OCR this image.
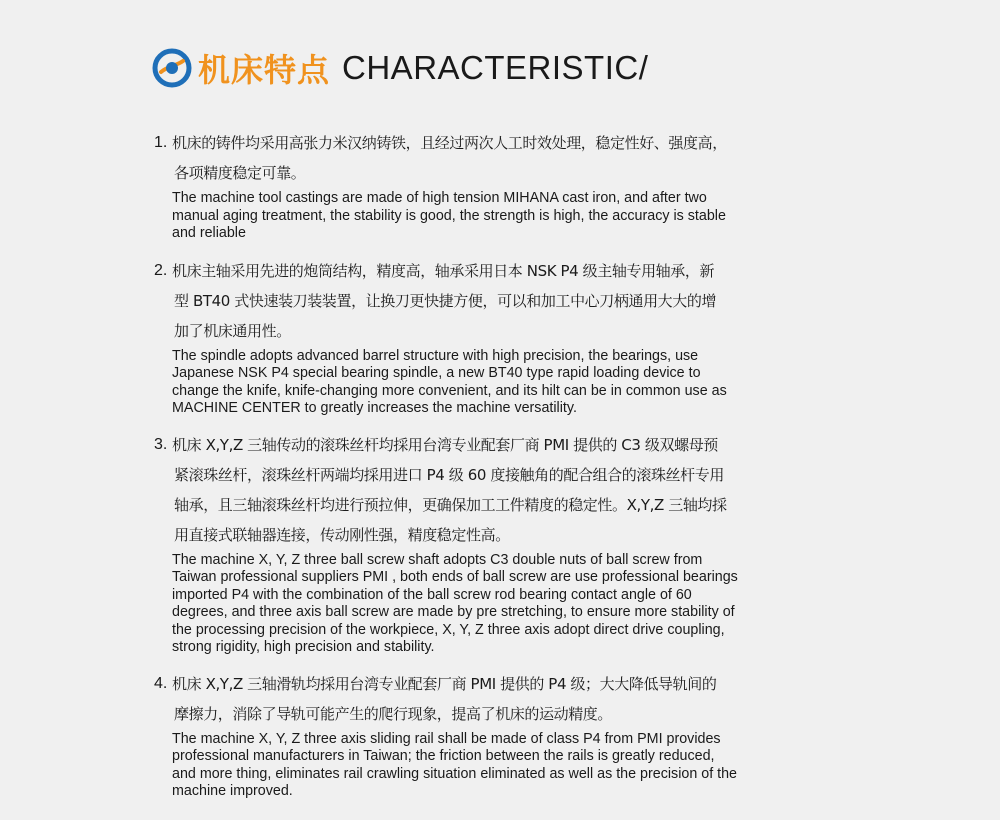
机床特点 CHARACTERISTIC/
1. 机床的铸件均采用高张力米汉纳铸铁，且经过两次人工时效处理，稳定性好、强度高，
各项精度稳定可靠。
The machine tool castings are made of high tension MIHANA cast iron, and after two
manual aging treatment, the stability is good, the strength is high, the accuracy is stable
and reliable
2. 机床主轴采用先进的炮筒结构，精度高，轴承采用日本 NSK P4 级主轴专用轴承，新
型 BT40 式快速装刀装装置，让换刀更快捷方便，可以和加工中心刀柄通用大大的增
加了机床通用性。
The spindle adopts advanced barrel structure with high precision, the bearings, use
Japanese NSK P4 special bearing spindle, a new BT40 type rapid loading device to
change the knife, knife-changing more convenient, and its hilt can be in common use as
MACHINE CENTER to greatly increases the machine versatility.
3. 机床 X,Y,Z 三轴传动的滚珠丝杆均採用台湾专业配套厂商 PMI 提供的 C3 级双螺母预
紧滚珠丝杆，滚珠丝杆两端均採用进口 P4 级 60 度接触角的配合组合的滚珠丝杆专用
轴承，且三轴滚珠丝杆均进行预拉伸，更确保加工工件精度的稳定性。X,Y,Z 三轴均採
用直接式联轴器连接，传动刚性强，精度稳定性高。
The machine X, Y, Z three ball screw shaft adopts C3 double nuts of ball screw from
Taiwan professional suppliers PMI , both ends of ball screw are use professional bearings
imported P4 with the combination of the ball screw rod bearing contact angle of 60
degrees, and three axis ball screw are made by pre stretching, to ensure more stability of
the processing precision of the workpiece, X, Y, Z three axis adopt direct drive coupling,
strong rigidity, high precision and stability.
4. 机床 X,Y,Z 三轴滑轨均採用台湾专业配套厂商 PMI 提供的 P4 级；大大降低导轨间的
摩擦力，消除了导轨可能产生的爬行现象，提高了机床的运动精度。
The machine X, Y, Z three axis sliding rail shall be made of class P4 from PMI provides
professional manufacturers in Taiwan; the friction between the rails is greatly reduced,
and more thing, eliminates rail crawling situation eliminated as well as the precision of the
machine improved.
